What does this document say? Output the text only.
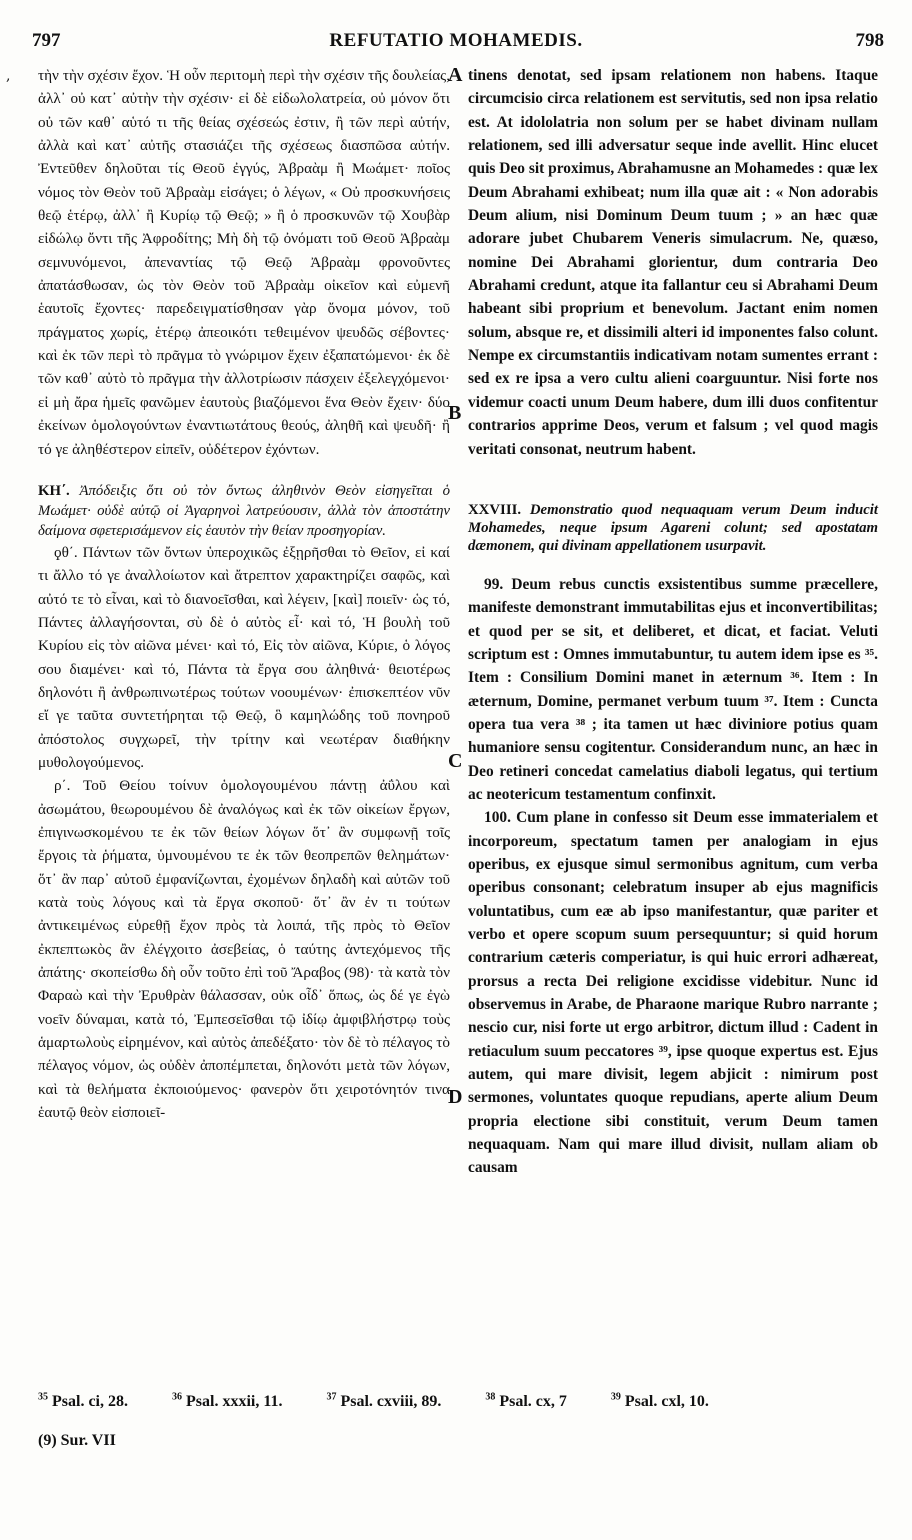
797	REFUTATIO MOHAMEDIS.	798
, τὴν τὴν σχέσιν ἔχον. Ἡ οὖν περιτομὴ περὶ τὴν σχέσιν τῆς δουλείας, ἀλλ᾽ οὐ κατ᾽ αὐτὴν τὴν σχέσιν· εἰ δὲ εἰδωλολατρεία, οὐ μόνον ὅτι οὐ τῶν καθ᾽ αὑτό τι τῆς θείας σχέσεώς ἐστιν, ἢ τῶν περὶ αὐτήν, ἀλλὰ καὶ κατ᾽ αὐτῆς στασιάζει τῆς σχέσεως διασπῶσα αὐτήν. Ἐντεῦθεν δηλοῦται τίς Θεοῦ ἐγγύς, Ἀβραὰμ ἢ Μωάμετ· ποῖος νόμος τὸν Θεὸν τοῦ Ἀβραὰμ εἰσάγει; ὁ λέγων, « Οὐ προσκυνήσεις θεῷ ἑτέρῳ, ἀλλ᾽ ἢ Κυρίῳ τῷ Θεῷ; » ἢ ὁ προσκυνῶν τῷ Χουβὰρ εἰδώλῳ ὄντι τῆς Ἀφροδίτης; Μὴ δὴ τῷ ὀνόματι τοῦ Θεοῦ Ἀβραὰμ σεμνυνόμενοι, ἀπεναντίας τῷ Θεῷ Ἀβραὰμ φρονοῦντες ἀπατάσθωσαν, ὡς τὸν Θεὸν τοῦ Ἀβραὰμ οἰκεῖον καὶ εὐμενῆ ἑαυτοῖς ἔχοντες· παρεδειγματίσθησαν γὰρ ὄνομα μόνον, τοῦ πράγματος χωρίς, ἑτέρῳ ἀπεοικότι τεθειμένον ψευδῶς σέβοντες· καὶ ἐκ τῶν περὶ τὸ πρᾶγμα τὸ γνώριμον ἔχειν ἐξαπατώμενοι· ἐκ δὲ τῶν καθ᾽ αὐτὸ τὸ πρᾶγμα τὴν ἀλλοτρίωσιν πάσχειν ἐξελεγχόμενοι· εἰ μὴ ἄρα ἡμεῖς φανῶμεν ἑαυτοὺς βιαζόμενοι ἕνα Θεὸν ἔχειν· δύο ἐκείνων ὁμολογούντων ἐναντιωτάτους θεούς, ἀληθῆ καὶ ψευδῆ· ἢ τό γε ἀληθέστερον εἰπεῖν, οὐδέτερον ἐχόντων.

ΚΗ΄. Ἀπόδειξις ὅτι οὐ τὸν ὄντως ἀληθινὸν Θεὸν εἰσηγεῖται ὁ Μωάμετ· οὐδὲ αὐτῷ οἱ Ἀγαρηνοὶ λατρεύουσιν, ἀλλὰ τὸν ἀποστάτην δαίμονα σφετερισάμενον εἰς ἑαυτὸν τὴν θείαν προσηγορίαν.

ϙθ΄. Πάντων τῶν ὄντων ὑπεροχικῶς ἐξῃρῆσθαι τὸ Θεῖον, εἰ καί τι ἄλλο τό γε ἀναλλοίωτον καὶ ἄτρεπτον χαρακτηρίζει σαφῶς, καὶ αὐτό τε τὸ εἶναι, καὶ τὸ διανοεῖσθαι, καὶ λέγειν, [καὶ] ποιεῖν· ὡς τό, Πάντες ἀλλαγήσονται, σὺ δὲ ὁ αὐτὸς εἶ· καὶ τό, Ἡ βουλὴ τοῦ Κυρίου εἰς τὸν αἰῶνα μένει· καὶ τό, Εἰς τὸν αἰῶνα, Κύριε, ὁ λόγος σου διαμένει· καὶ τό, Πάντα τὰ ἔργα σου ἀληθινά· θειοτέρως δηλονότι ἢ ἀνθρωπινωτέρως τούτων νοουμένων· ἐπισκεπτέον νῦν εἴ γε ταῦτα συντετήρηται τῷ Θεῷ, ὃ καμηλώδης τοῦ πονηροῦ ἀπόστολος συγχωρεῖ, τὴν τρίτην καὶ νεωτέραν διαθήκην μυθολογούμενος.

ρ΄. Τοῦ Θείου τοίνυν ὁμολογουμένου πάντῃ ἀΰλου καὶ ἀσωμάτου, θεωρουμένου δὲ ἀναλόγως καὶ ἐκ τῶν οἰκείων ἔργων, ἐπιγινωσκομένου τε ἐκ τῶν θείων λόγων ὅτ᾽ ἂν συμφωνῇ τοῖς ἔργοις τὰ ῥήματα, ὑμνουμένου τε ἐκ τῶν θεοπρεπῶν θελημάτων· ὅτ᾽ ἂν παρ᾽ αὐτοῦ ἐμφανίζωνται, ἐχομένων δηλαδὴ καὶ αὐτῶν τοῦ κατὰ τοὺς λόγους καὶ τὰ ἔργα σκοποῦ· ὅτ᾽ ἂν ἐν τι τούτων ἀντικειμένως εὑρεθῇ ἔχον πρὸς τὰ λοιπά, τῆς πρὸς τὸ Θεῖον ἐκπεπτωκὸς ἂν ἐλέγχοιτο ἀσεβείας, ὁ ταύτης ἀντεχόμενος τῆς ἀπάτης· σκοπείσθω δὴ οὖν τοῦτο ἐπὶ τοῦ Ἄραβος (98)· τὰ κατὰ τὸν Φαραὼ καὶ τὴν Ἐρυθρὰν θάλασσαν, οὐκ οἶδ᾽ ὅπως, ὡς δέ γε ἐγὼ νοεῖν δύναμαι, κατὰ τό, Ἐμπεσεῖσθαι τῷ ἰδίῳ ἀμφιβλήστρῳ τοὺς ἁμαρτωλοὺς εἰρημένον, καὶ αὐτὸς ἀπεδέξατο· τὸν δὲ τὸ πέλαγος τὸ πέλαγος νόμον, ὡς οὐδὲν ἀποπέμπεται, δηλονότι μετὰ τῶν λόγων, καὶ τὰ θελήματα ἐκποιούμενος· φανερὸν ὅτι χειροτόνητόν τινα ἑαυτῷ θεὸν εἰσποιεῖ-

A
B
C
D

tinens denotat, sed ipsam relationem non habens. Itaque circumcisio circa relationem est servitutis, sed non ipsa relatio est. At idololatria non solum per se habet divinam nullam relationem, sed illi adversatur seque inde avellit. Hinc elucet quis Deo sit proximus, Abrahamusne an Mohamedes : quæ lex Deum Abrahami exhibeat; num illa quæ ait : « Non adorabis Deum alium, nisi Dominum Deum tuum ; » an hæc quæ adorare jubet Chubarem Veneris simulacrum. Ne, quæso, nomine Dei Abrahami glorientur, dum contraria Deo Abrahami credunt, atque ita fallantur ceu si Abrahami Deum habeant sibi proprium et benevolum. Jactant enim nomen solum, absque re, et dissimili alteri id imponentes falso colunt. Nempe ex circumstantiis indicativam notam sumentes errant : sed ex re ipsa a vero cultu alieni coarguuntur. Nisi forte nos videmur coacti unum Deum habere, dum illi duos confitentur contrarios apprime Deos, verum et falsum ; vel quod magis veritati consonat, neutrum habent.

XXVIII. Demonstratio quod nequaquam verum Deum inducit Mohamedes, neque ipsum Agareni colunt; sed apostatam dæmonem, qui divinam appellationem usurpavit.

99. Deum rebus cunctis exsistentibus summe præcellere, manifeste demonstrant immutabilitas ejus et inconvertibilitas; et quod per se sit, et deliberet, et dicat, et faciat. Veluti scriptum est : Omnes immutabuntur, tu autem idem ipse es ³⁵. Item : Consilium Domini manet in æternum ³⁶. Item : In æternum, Domine, permanet verbum tuum ³⁷. Item : Cuncta opera tua vera ³⁸ ; ita tamen ut hæc diviniore potius quam humaniore sensu cogitentur. Considerandum nunc, an hæc in Deo retineri concedat camelatius diaboli legatus, qui tertium ac neotericum testamentum confinxit.

100. Cum plane in confesso sit Deum esse immaterialem et incorporeum, spectatum tamen per analogiam in ejus operibus, ex ejusque simul sermonibus agnitum, cum verba operibus consonant; celebratum insuper ab ejus magnificis voluntatibus, cum eæ ab ipso manifestantur, quæ pariter et verbo et opere scopum suum persequuntur; si quid horum contrarium cæteris comperiatur, is qui huic errori adhæreat, prorsus a recta Dei religione excidisse videbitur. Nunc id observemus in Arabe, de Pharaone marique Rubro narrante ; nescio cur, nisi forte ut ergo arbitror, dictum illud : Cadent in retiaculum suum peccatores ³⁹, ipse quoque expertus est. Ejus autem, qui mare divisit, legem abjicit : nimirum post sermones, voluntates quoque repudians, aperte alium Deum propria electione sibi constituit, verum Deum tamen nequaquam. Nam qui mare illud divisit, nullam aliam ob causam

$^{35}$ Psal. ci, 28.	$^{36}$ Psal. xxxii, 11.	$^{37}$ Psal. cxviii, 89.	$^{38}$ Psal. cx, 7	$^{39}$ Psal. cxl, 10.
(9) Sur. VII
